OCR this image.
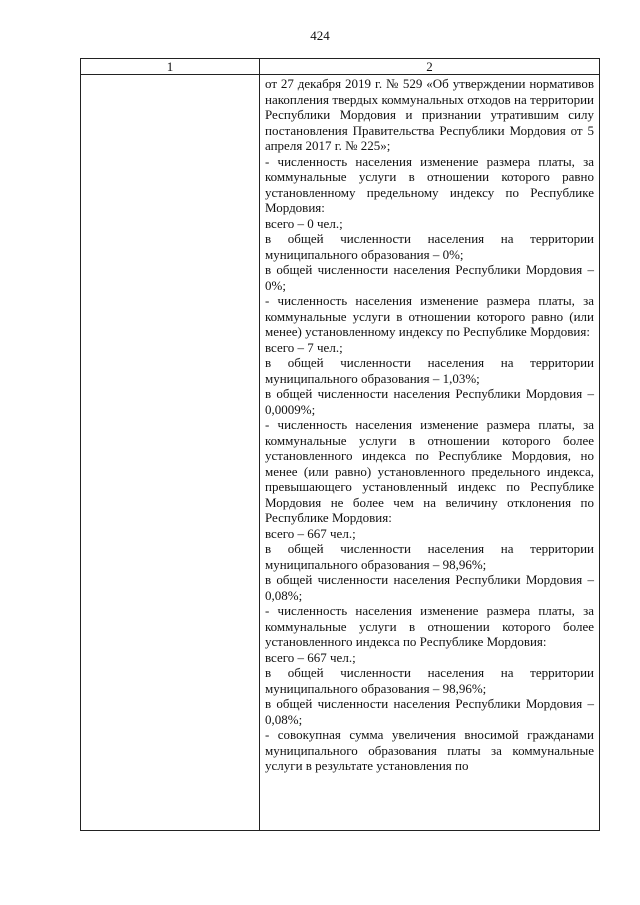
424
1	2

от 27 декабря 2019 г. № 529 «Об утверждении нормативов накопления твердых коммунальных отходов на территории Республики Мордовия и признании утратившим силу постановления Правительства Республики Мордовия от 5 апреля 2017 г. № 225»;

- численность населения изменение размера платы, за коммунальные услуги в отношении которого равно установленному предельному индексу по Республике Мордовия:

всего – 0 чел.;

в общей численности населения на территории муниципального образования – 0%;

в общей численности населения Республики Мордовия – 0%;

- численность населения изменение размера платы, за коммунальные услуги в отношении которого равно (или менее) установленному индексу по Республике Мордовия:

всего – 7 чел.;

в общей численности населения на территории муниципального образования – 1,03%;

в общей численности населения Республики Мордовия – 0,0009%;

- численность населения изменение размера платы, за коммунальные услуги в отношении которого более установленного индекса по Республике Мордовия, но менее (или равно) установленного предельного индекса, превышающего установленный индекс по Республике Мордовия не более чем на величину отклонения по Республике Мордовия:

всего – 667 чел.;

в общей численности населения на территории муниципального образования – 98,96%;

в общей численности населения Республики Мордовия – 0,08%;

- численность населения изменение размера платы, за коммунальные услуги в отношении которого более установленного индекса по Республике Мордовия:

всего – 667 чел.;

в общей численности населения на территории муниципального образования – 98,96%;

в общей численности населения Республики Мордовия – 0,08%;

- совокупная сумма увеличения вносимой гражданами муниципального образования платы за коммунальные услуги в результате установления по
